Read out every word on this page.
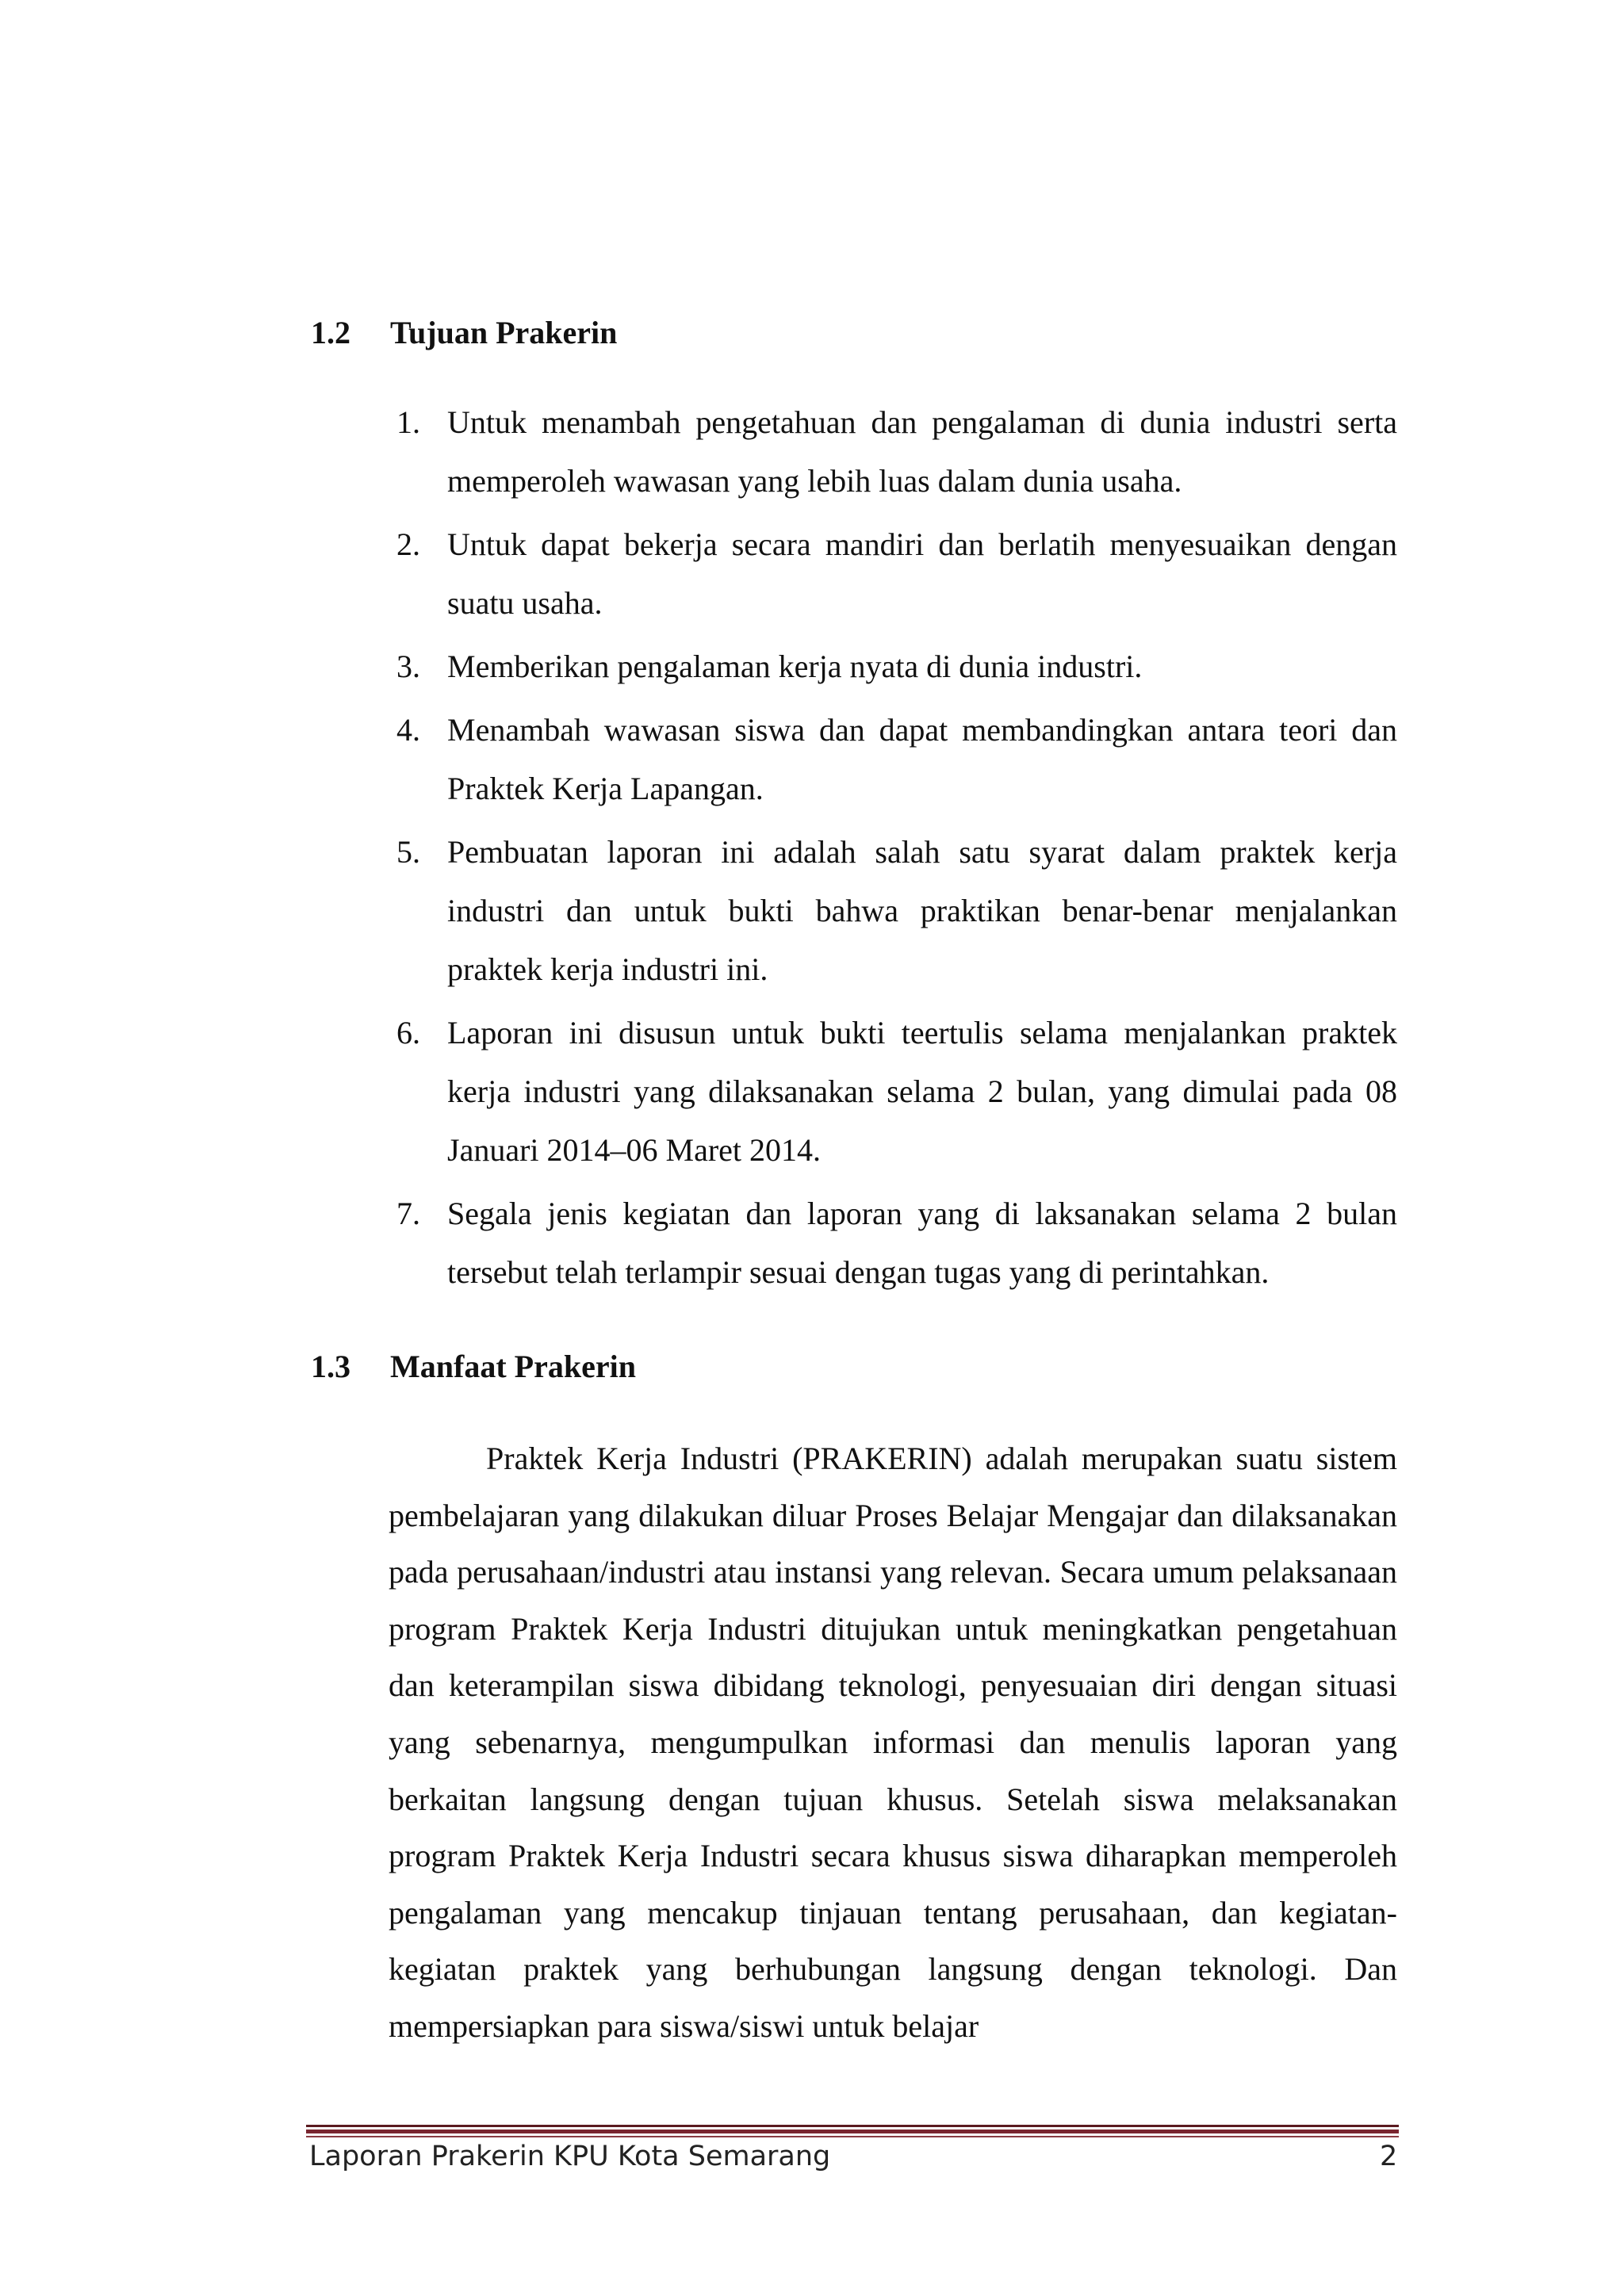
1.2 Tujuan Prakerin
1. Untuk menambah pengetahuan dan pengalaman di dunia industri serta memperoleh wawasan yang lebih luas dalam dunia usaha.
2. Untuk dapat bekerja secara mandiri dan berlatih menyesuaikan dengan suatu usaha.
3. Memberikan pengalaman kerja nyata di dunia industri.
4. Menambah wawasan siswa dan dapat membandingkan antara teori dan Praktek Kerja Lapangan.
5. Pembuatan laporan ini adalah salah satu syarat dalam praktek kerja industri dan untuk bukti bahwa praktikan benar-benar menjalankan praktek kerja industri ini.
6. Laporan ini disusun untuk bukti teertulis selama menjalankan praktek kerja industri yang dilaksanakan selama 2 bulan, yang dimulai pada 08 Januari 2014–06 Maret 2014.
7. Segala jenis kegiatan dan laporan yang di laksanakan selama 2 bulan tersebut telah terlampir sesuai dengan tugas yang di perintahkan.
1.3 Manfaat Prakerin

Praktek Kerja Industri (PRAKERIN) adalah merupakan suatu sistem pembelajaran yang dilakukan diluar Proses Belajar Mengajar dan dilaksanakan pada perusahaan/industri atau instansi yang relevan. Secara umum pelaksanaan program Praktek Kerja Industri ditujukan untuk meningkatkan pengetahuan dan keterampilan siswa dibidang teknologi, penyesuaian diri dengan situasi yang sebenarnya, mengumpulkan informasi dan menulis laporan yang berkaitan langsung dengan tujuan khusus. Setelah siswa melaksanakan program Praktek Kerja Industri secara khusus siswa diharapkan memperoleh pengalaman yang mencakup tinjauan tentang perusahaan, dan kegiatan-kegiatan praktek yang berhubungan langsung dengan teknologi. Dan mempersiapkan para siswa/siswi untuk belajar

Laporan Prakerin KPU Kota Semarang	2
